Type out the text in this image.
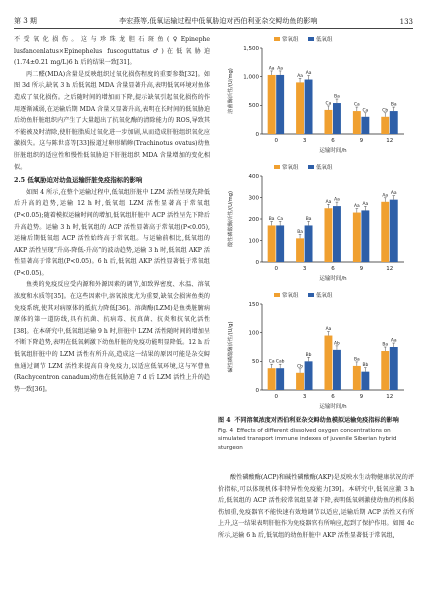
第 3 期	李宏燕等,低氧运输过程中低氧胁迫对西伯利亚杂交鲟幼鱼的影响	133

不受氧化损伤。这与珍珠龙胆石斑鱼(♀Epinephe lusfancenlatus×Epinephelus fuscoguttatus♂)在低氧胁迫(1.74±0.21 mg/L)6 h 后的结果一致[31]。

丙二醛(MDA)含量是反映组织过氧化损伤程度的重要参数[32]。如图 3d 所示,缺氧 3 h 后低氧组 MDA 含量显著升高,表明低氧环境对鱼体造成了氧化损伤。之后随时间的增加而下降,提示缺氧引起氧化损伤的作用逐渐减弱,在运输后期 MDA 含量又显著升高,表明在长时间的低氧胁迫后幼鱼肝脏组织内产生了大量超出了抗氧化酶的清除能力的 ROS,导致其不能被及时清除,使肝脏脂质过氧化进一步加剧,从而造成肝脏组织氧化应激损失。这与陈世喜等[33]报道过卵形鲳鲹(Trachinotus ovatus)幼鱼肝脏组织的适应性和慢性低氧胁迫下肝脏组织 MDA 含量增加的变化相似。

2.5 低氧胁迫对幼鱼运输肝脏免疫指标的影响

如图 4 所示,在整个运输过程中,低氧组肝脏中 LZM 活性呈现先降低后升高的趋势,运输 12 h 时,低氧组 LZM 活性显著高于常氧组(P<0.05);随着模拟运输时间的增加,低氧组肝脏中 ACP 活性呈先下降后升高趋势。运输 3 h 时,低氧组的 ACP 活性显著高于常氧组(P<0.05),运输后期低氧组 ACP 活性始终高于常氧组。与运输前相比,低氧组的 AKP 活性呈现“升高-降低-升高”的波动趋势,运输 3 h 时,低氧组 AKP 活性显著高于常氧组(P<0.05)。6 h 后,低氧组 AKP 活性显著低于常氧组(P<0.05)。

鱼类的免疫反应受内源和外源因素的调节,如致界密度、水温、溶氧浓度和水质等[35]。在这些因素中,溶氧浓度尤为重要,缺氧会损害鱼类的免疫系统,使其对病原体的抵抗力降低[36]。溶菌酶(LZM)是鱼类脏腑病原体的第一道防线,具有抗菌、抗病毒、抗真菌、抗炎和抗氧化活性[38]。在本研究中,低氧组运输 9 h 时,肝脏中 LZM 活性随时间的增加呈不断下降趋势,表明在低氧刺激下幼鱼肝脏的免疫功能明显降低。12 h 后低氧组肝脏中的 LZM 活性有所升高,造成这一结果的原因可能是杂交鲟鱼通过调节 LZM 活性来提高自身免疫力,以适应低氧环境,这与军曹鱼(Rachycentron canadum)幼鱼在低氧胁迫 7 d 后 LZM 活性上升的趋势一致[36]。

0
500
1,000
1,500
溶菌酶活性/(U/mg)
常氧组	低氧组
Aa Aa
0
Aa
Aa
3
Ca
Ba
6
Ca
Ca
9
Cb
Ba
12
运输时间/h
0
100
200
300
400
酸性磷酸酶活性/(U/mg)
常氧组	低氧组
Ba Ca
0
Ba
Ba
3
Aa Aa
6
Aa Aa
9
Aa Aa
12
运输时间/h
0
50
100
150
碱性磷酸酶活性/(U/g)
常氧组	低氧组
Ca Cab
0
Cb
Bb
3
Aa
Ab
6
Ba
Bb
9
Ba
Aa
12
运输时间/h
图 4 不同溶氧浓度对西伯利亚杂交鲟幼鱼模拟运输免疫指标的影响
Fig. 4 Effects of different dissolved oxygen concentrations on simulated transport immune indexes of juvenile Siberian hybrid sturgeon

酸性磷酸酶(ACP)和碱性磷酸酶(AKP)是反映水生动物健康状况的评价指标,可以体现机体非特异性免疫能力[39]。本研究中,低氧应激 3 h 后,低氧组的 ACP 活性较常氧组显著下降,表明低氧刺激使幼鱼的机体损伤加重,免疫器官不能快速有效地调节以适应,运输后期 ACP 活性又有所上升,这一结果表明肝脏作为免疫器官有所响应,起到了保护作用。如图 4c 所示,运输 6 h 后,低氧组的幼鱼肝脏中 AKP 活性显著低于常氧组,
